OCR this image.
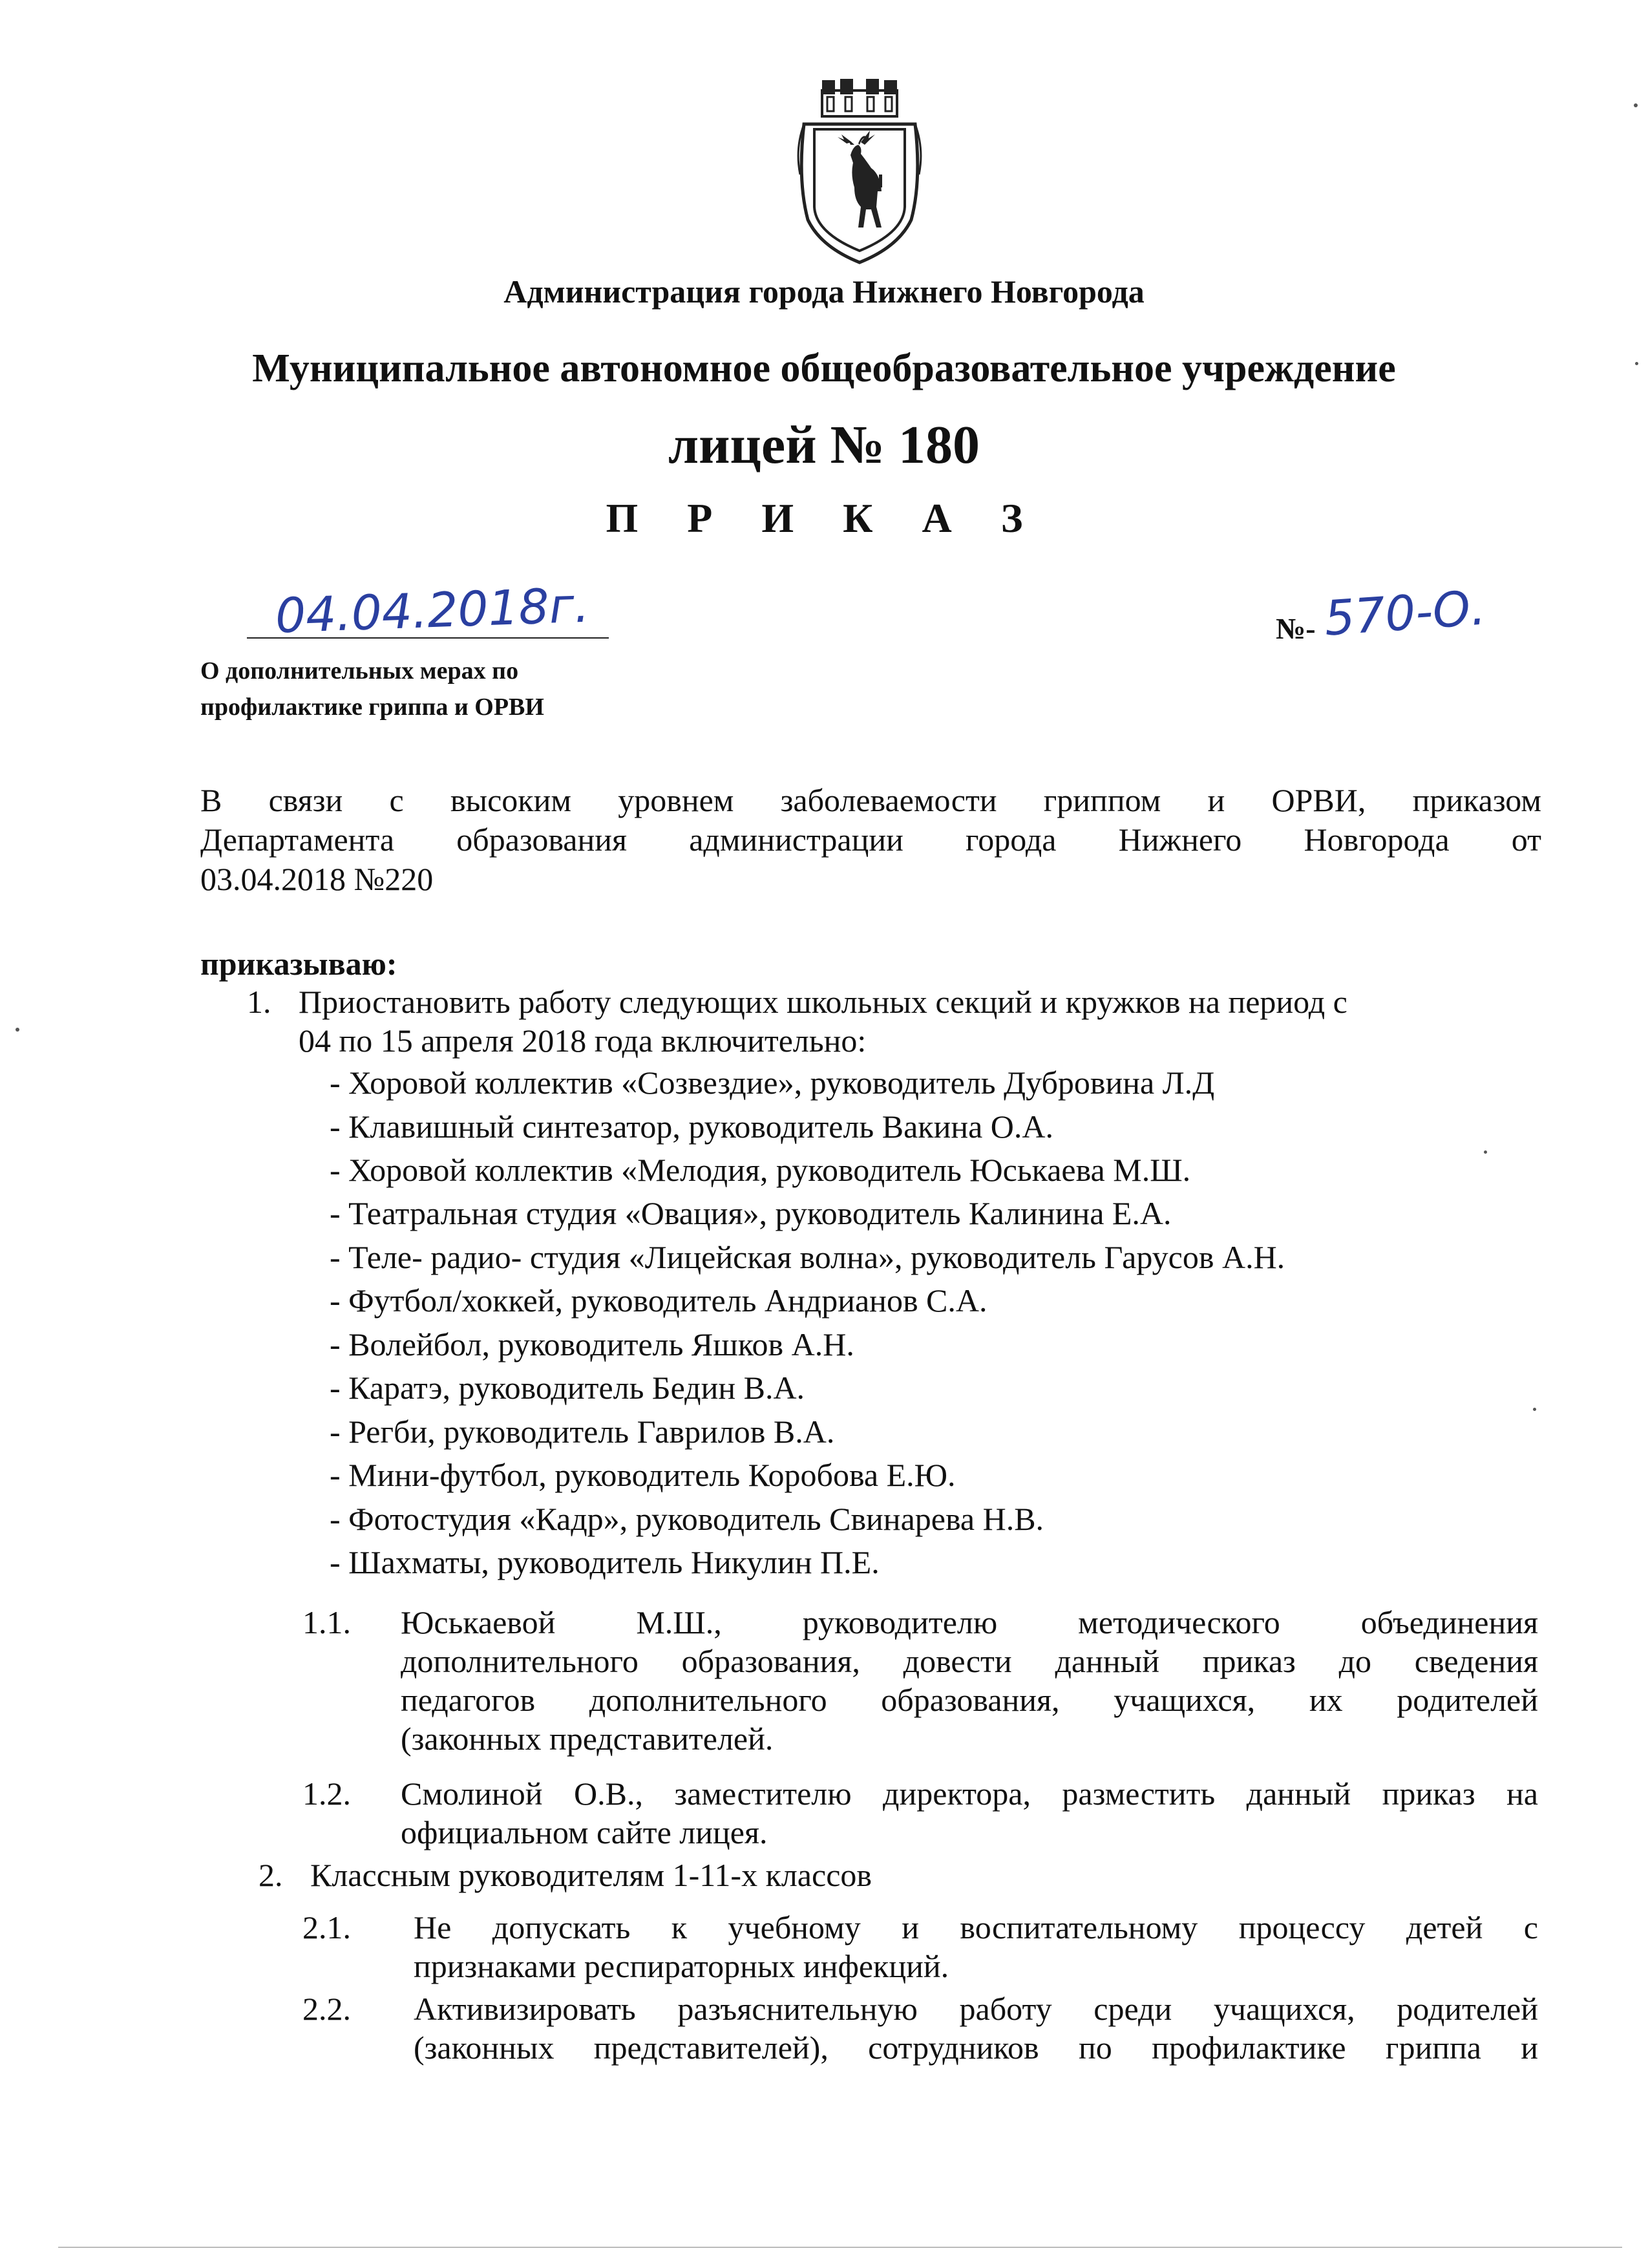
Администрация города Нижнего Новгорода
Муниципальное автономное общеобразовательное учреждение
лицей № 180
П Р И К А З
04.04.2018г.	№- 570-О.
О дополнительных мерах по
профилактике гриппа и ОРВИ
В связи с высоким уровнем заболеваемости гриппом и ОРВИ, приказом
Департамента образования администрации города Нижнего Новгорода от
03.04.2018 №220
приказываю:
1. Приостановить работу следующих школьных секций и кружков на период с
04 по 15 апреля 2018 года включительно:
- Хоровой коллектив «Созвездие», руководитель Дубровина Л.Д
- Клавишный синтезатор, руководитель Вакина О.А.
- Хоровой коллектив «Мелодия, руководитель Юськаева М.Ш.
- Театральная студия «Овация», руководитель Калинина Е.А.
- Теле- радио- студия «Лицейская волна», руководитель Гарусов А.Н.
- Футбол/хоккей, руководитель Андрианов С.А.
- Волейбол, руководитель Яшков А.Н.
- Каратэ, руководитель Бедин В.А.
- Регби, руководитель Гаврилов В.А.
- Мини-футбол, руководитель Коробова Е.Ю.
- Фотостудия «Кадр», руководитель Свинарева Н.В.
- Шахматы, руководитель Никулин П.Е.
1.1. Юськаевой М.Ш., руководителю методического объединения
дополнительного образования, довести данный приказ до сведения
педагогов дополнительного образования, учащихся, их родителей
(законных представителей.
1.2. Смолиной О.В., заместителю директора, разместить данный приказ на
официальном сайте лицея.
2. Классным руководителям 1-11-х классов
2.1. Не допускать к учебному и воспитательному процессу детей с
признаками респираторных инфекций.
2.2. Активизировать разъяснительную работу среди учащихся, родителей
(законных представителей), сотрудников по профилактике гриппа и
